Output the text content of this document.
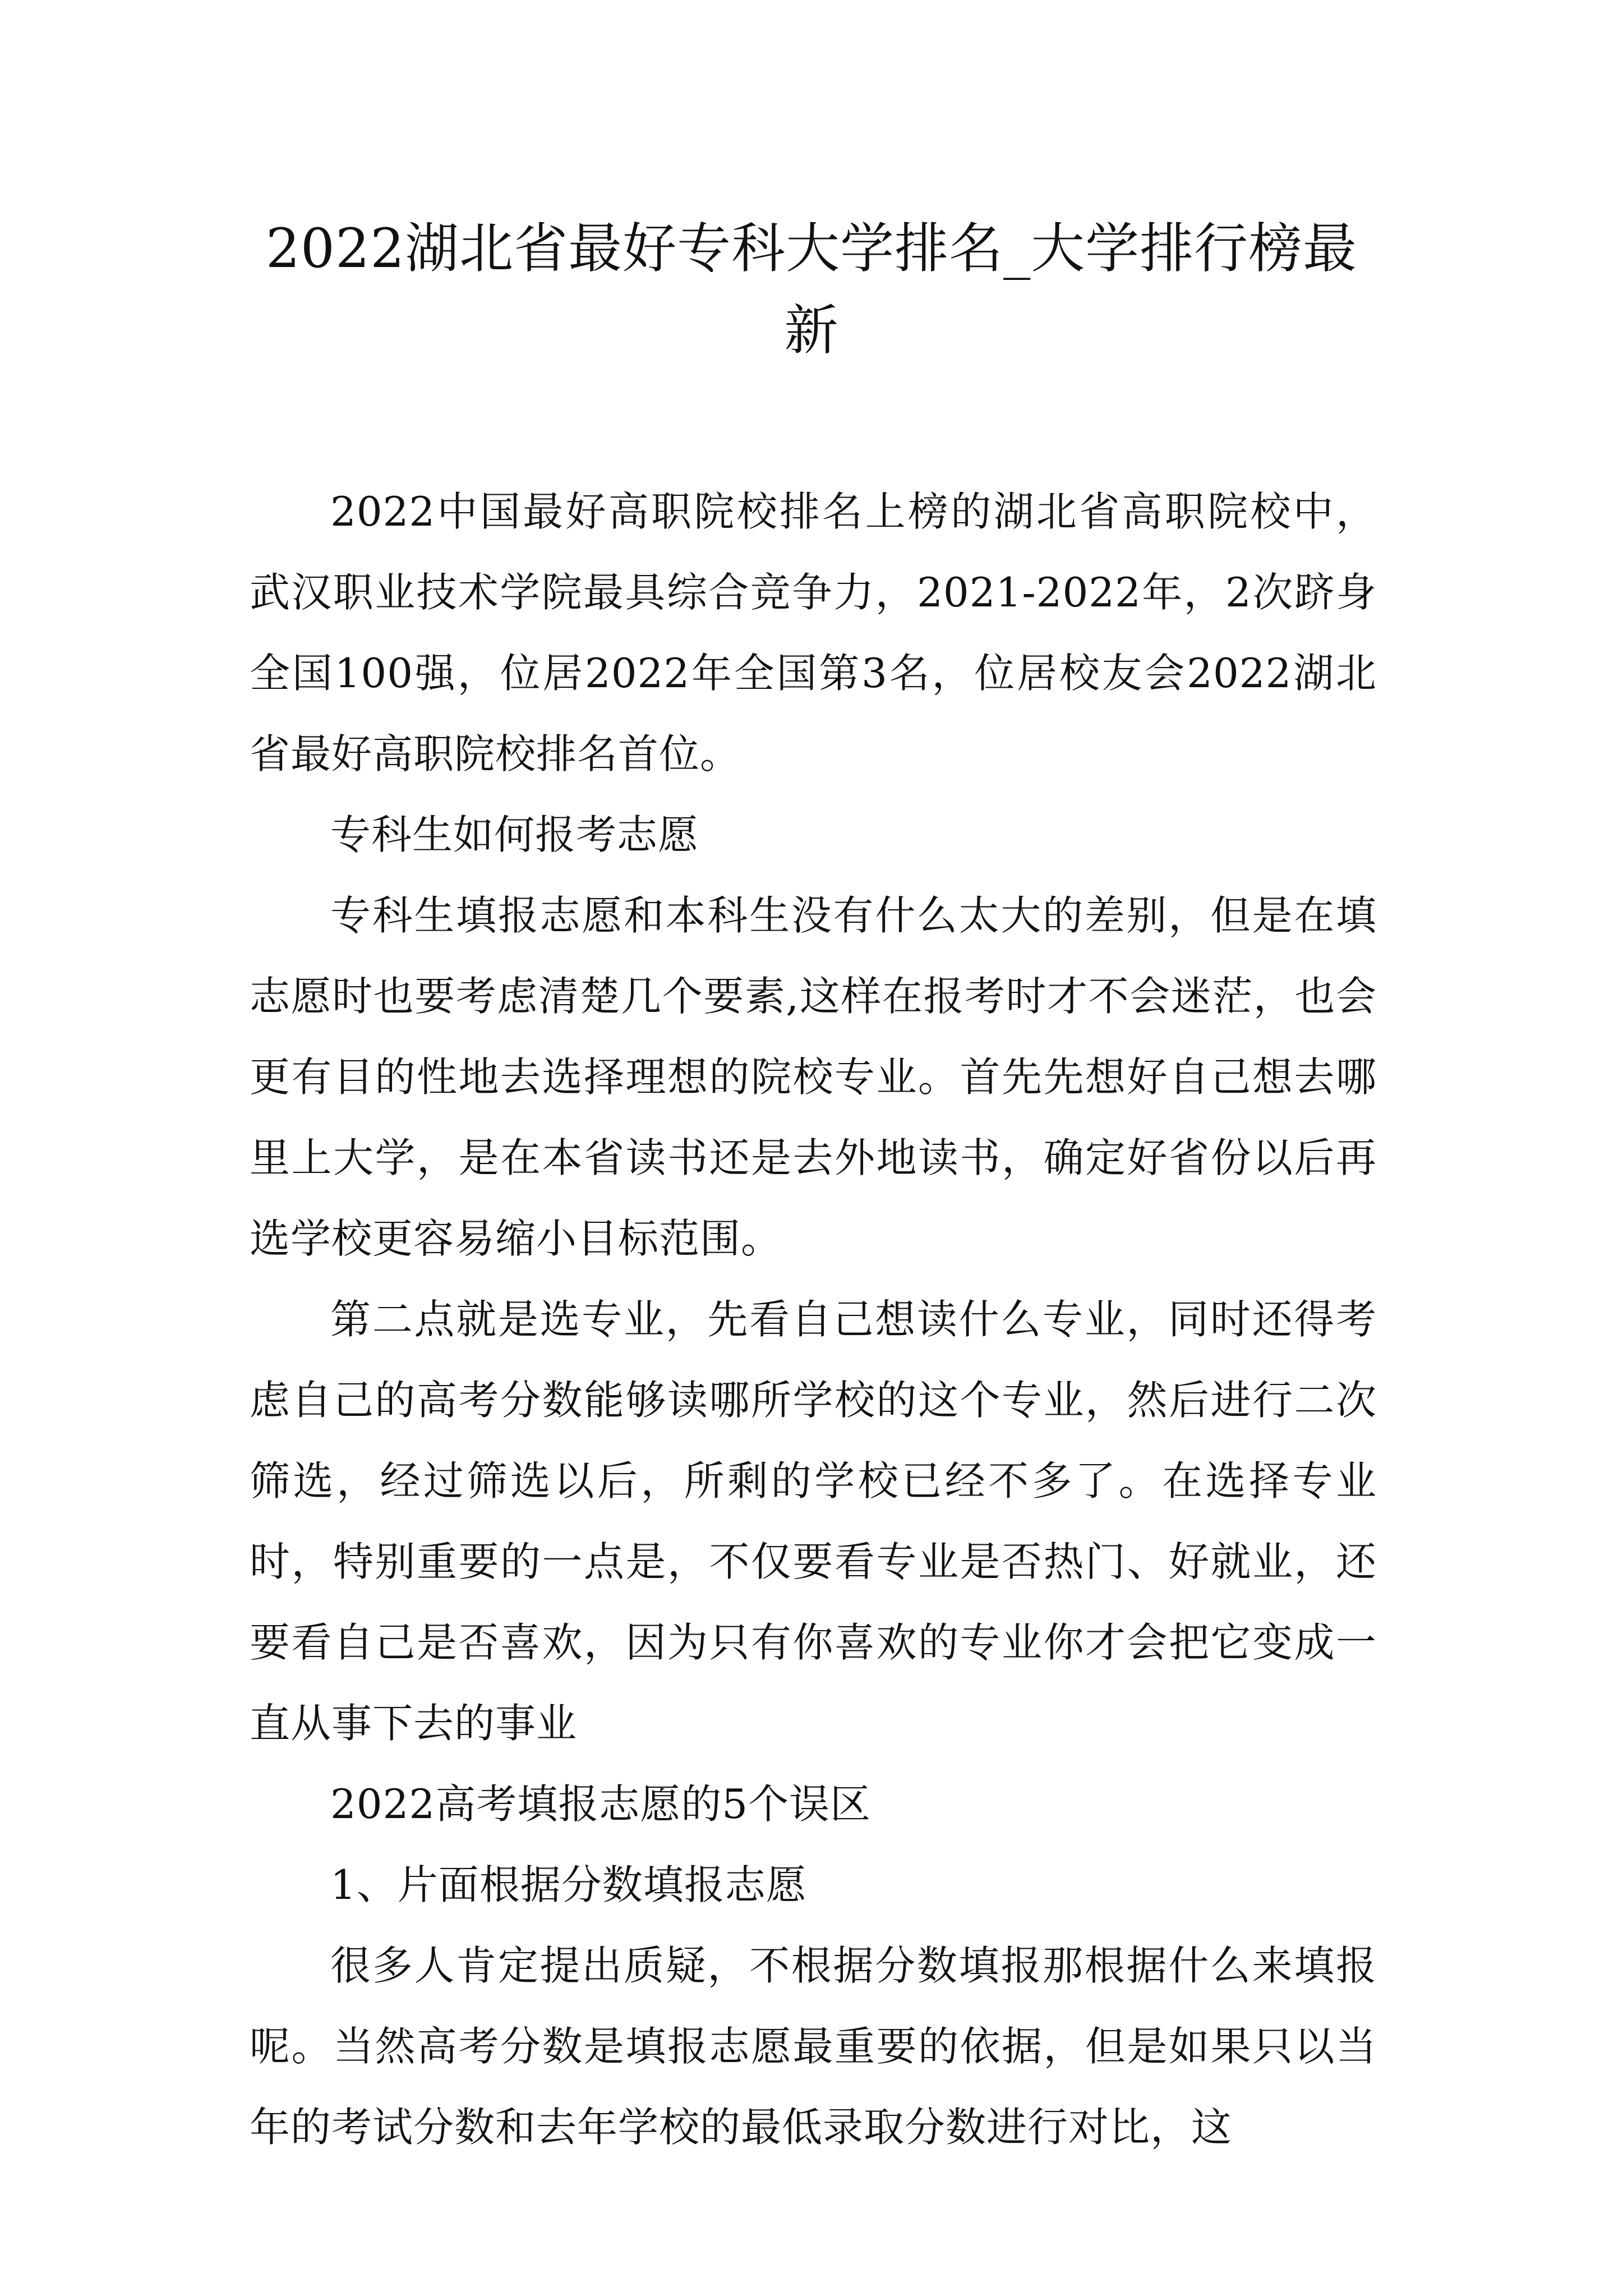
2022湖北省最好专科大学排名_大学排行榜最新

2022中国最好高职院校排名上榜的湖北省高职院校中，武汉职业技术学院最具综合竞争力，2021-2022年，2次跻身全国100强，位居2022年全国第3名，位居校友会2022湖北省最好高职院校排名首位。

专科生如何报考志愿

专科生填报志愿和本科生没有什么太大的差别，但是在填志愿时也要考虑清楚几个要素,这样在报考时才不会迷茫，也会更有目的性地去选择理想的院校专业。首先先想好自己想去哪里上大学，是在本省读书还是去外地读书，确定好省份以后再选学校更容易缩小目标范围。

第二点就是选专业，先看自己想读什么专业，同时还得考虑自己的高考分数能够读哪所学校的这个专业，然后进行二次筛选，经过筛选以后，所剩的学校已经不多了。在选择专业时，特别重要的一点是，不仅要看专业是否热门、好就业，还要看自己是否喜欢，因为只有你喜欢的专业你才会把它变成一直从事下去的事业

2022高考填报志愿的5个误区

1、片面根据分数填报志愿

很多人肯定提出质疑，不根据分数填报那根据什么来填报呢。当然高考分数是填报志愿最重要的依据，但是如果只以当年的考试分数和去年学校的最低录取分数进行对比，这
